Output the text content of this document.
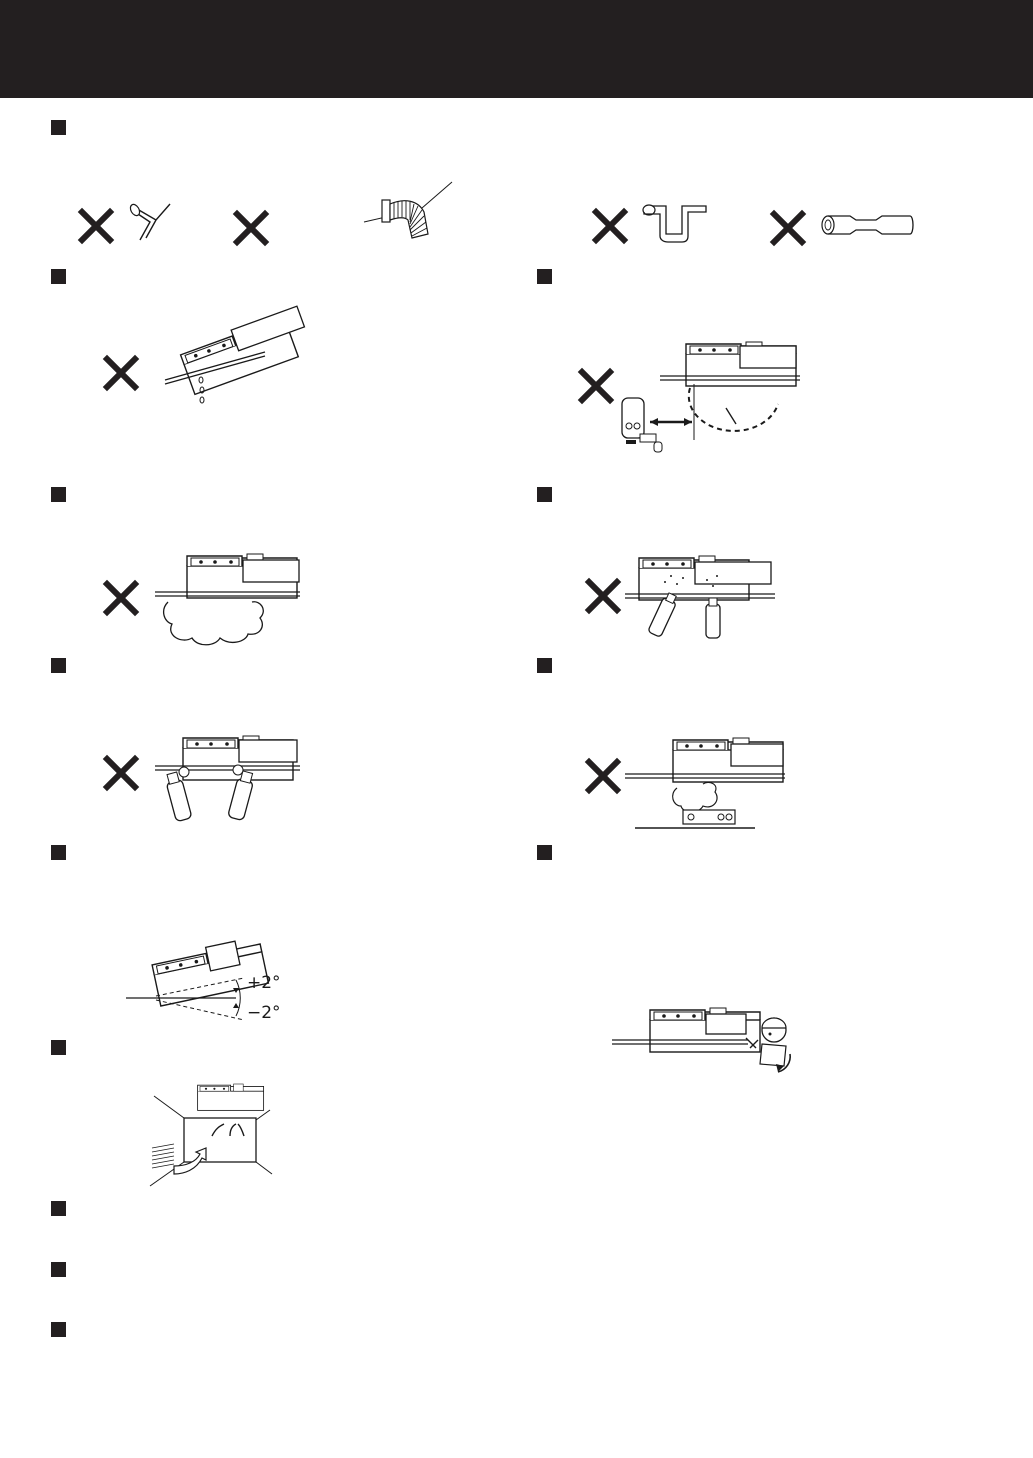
+2°
−2°
